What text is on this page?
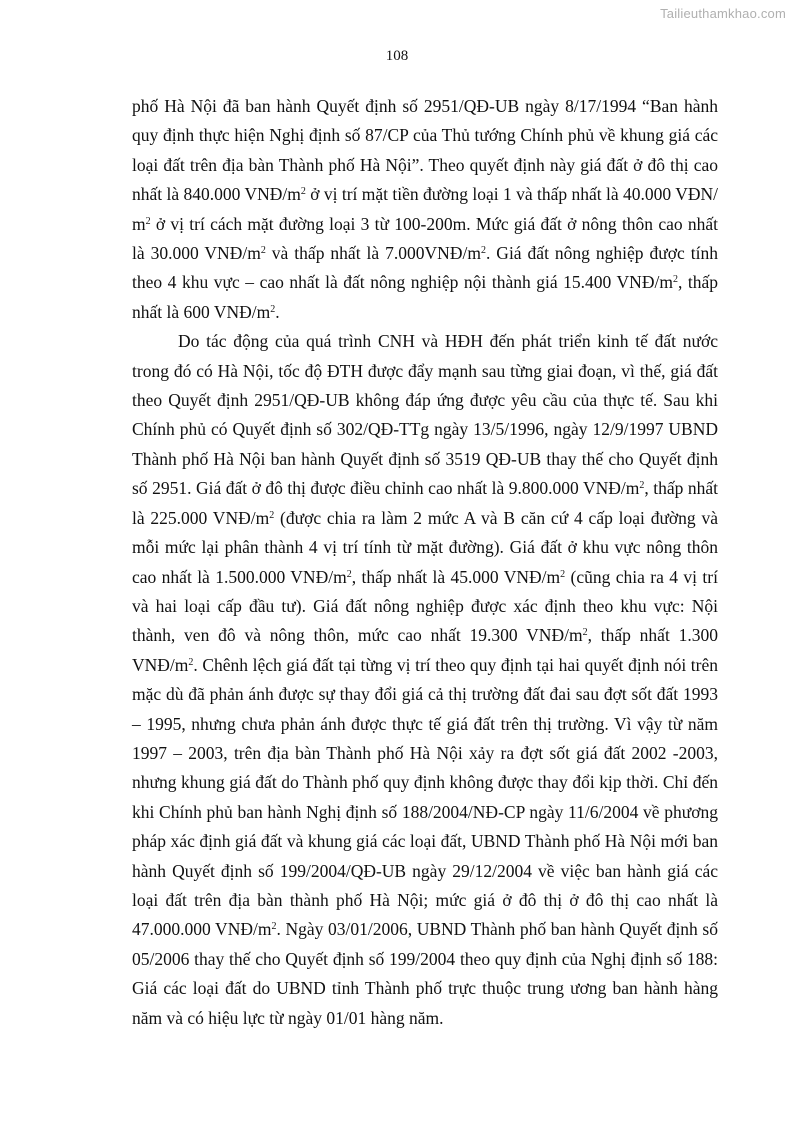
Tailieuthamkhao.com
108

phố Hà Nội đã ban hành Quyết định số 2951/QĐ-UB ngày 8/17/1994 “Ban hành quy định thực hiện Nghị định số 87/CP của Thủ tướng Chính phủ về khung giá các loại đất trên địa bàn Thành phố Hà Nội”. Theo quyết định này giá đất ở đô thị cao nhất là 840.000 VNĐ/$m^2$ ở vị trí mặt tiền đường loại 1 và thấp nhất là 40.000 VĐN/ $m^2$ ở vị trí cách mặt đường loại 3 từ 100-200m. Mức giá đất ở nông thôn cao nhất là 30.000 VNĐ/$m^2$ và thấp nhất là $7.000VNĐ/m^2$. Giá đất nông nghiệp được tính theo 4 khu vực – cao nhất là đất nông nghiệp nội thành giá 15.400 VNĐ/$m^2$, thấp nhất là 600 VNĐ/$m^2$.

Do tác động của quá trình CNH và HĐH đến phát triển kinh tế đất nước trong đó có Hà Nội, tốc độ ĐTH được đẩy mạnh sau từng giai đoạn, vì thế, giá đất theo Quyết định 2951/QĐ-UB không đáp ứng được yêu cầu của thực tế. Sau khi Chính phủ có Quyết định số 302/QĐ-TTg ngày 13/5/1996, ngày 12/9/1997 UBND Thành phố Hà Nội ban hành Quyết định số 3519 QĐ-UB thay thế cho Quyết định số 2951. Giá đất ở đô thị được điều chỉnh cao nhất là 9.800.000 VNĐ/$m^2$, thấp nhất là 225.000 VNĐ/$m^2$ (được chia ra làm 2 mức A và B căn cứ 4 cấp loại đường và mỗi mức lại phân thành 4 vị trí tính từ mặt đường). Giá đất ở khu vực nông thôn cao nhất là 1.500.000 VNĐ/$m^2$, thấp nhất là 45.000 VNĐ/$m^2$ (cũng chia ra 4 vị trí và hai loại cấp đầu tư). Giá đất nông nghiệp được xác định theo khu vực: Nội thành, ven đô và nông thôn, mức cao nhất 19.300 VNĐ/$m^2$, thấp nhất 1.300 VNĐ/$m^2$. Chênh lệch giá đất tại từng vị trí theo quy định tại hai quyết định nói trên mặc dù đã phản ánh được sự thay đổi giá cả thị trường đất đai sau đợt sốt đất 1993 – 1995, nhưng chưa phản ánh được thực tế giá đất trên thị trường. Vì vậy từ năm 1997 – 2003, trên địa bàn Thành phố Hà Nội xảy ra đợt sốt giá đất 2002 -2003, nhưng khung giá đất do Thành phố quy định không được thay đổi kịp thời. Chỉ đến khi Chính phủ ban hành Nghị định số 188/2004/NĐ-CP ngày 11/6/2004 về phương pháp xác định giá đất và khung giá các loại đất, UBND Thành phố Hà Nội mới ban hành Quyết định số 199/2004/QĐ-UB ngày 29/12/2004 về việc ban hành giá các loại đất trên địa bàn thành phố Hà Nội; mức giá ở đô thị ở đô thị cao nhất là 47.000.000 VNĐ/$m^2$. Ngày 03/01/2006, UBND Thành phố ban hành Quyết định số 05/2006 thay thế cho Quyết định số 199/2004 theo quy định của Nghị định số 188: Giá các loại đất do UBND tỉnh Thành phố trực thuộc trung ương ban hành hàng năm và có hiệu lực từ ngày 01/01 hàng năm.
